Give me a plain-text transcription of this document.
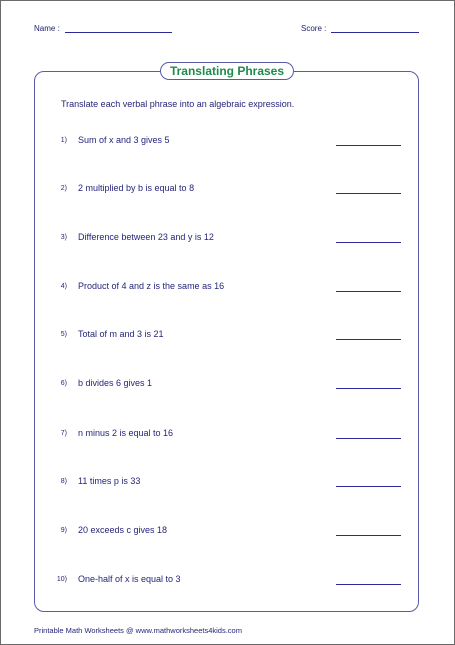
Name :	Score :
Translating Phrases
Translate each verbal phrase into an algebraic expression.
1) Sum of x and 3 gives 5
2) 2 multiplied by b is equal to 8
3) Difference between 23 and y is 12
4) Product of 4 and z is the same as 16
5) Total of m and 3 is 21
6) b divides 6 gives 1
7) n minus 2 is equal to 16
8) 11 times p is 33
9) 20 exceeds c gives 18
10) One-half of x is equal to 3
Printable Math Worksheets @ www.mathworksheets4kids.com
